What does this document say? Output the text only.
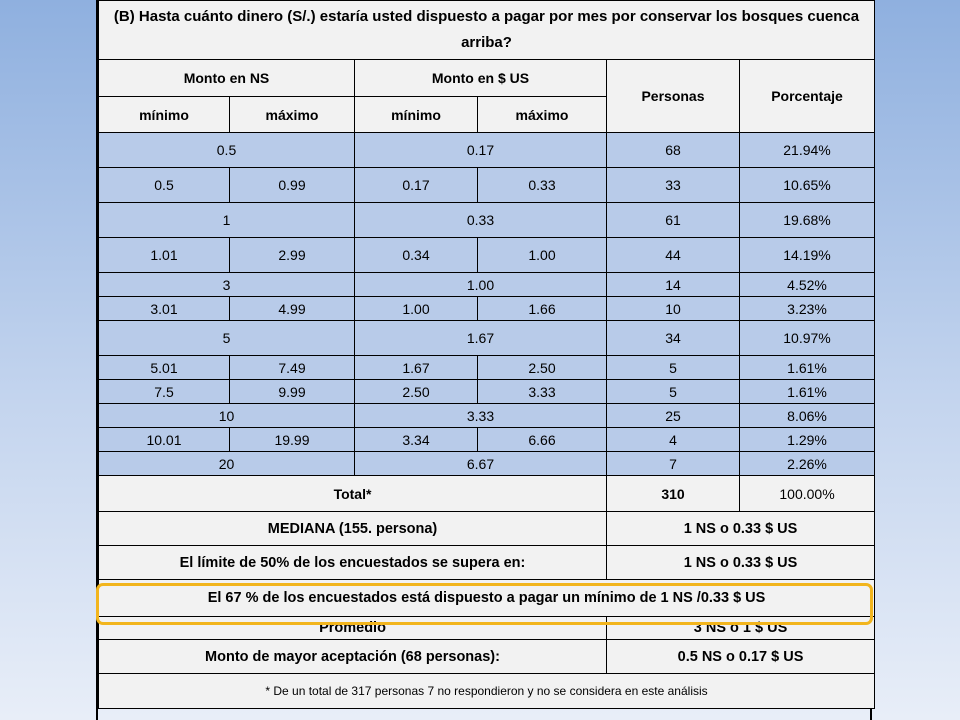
(B) Hasta cuánto dinero (S/.) estaría usted dispuesto a pagar por mes por conservar los bosques cuenca arriba?					
Monto en NS		Monto en $ US		Personas	Porcentaje
mínimo	máximo	mínimo	máximo		
0.5		0.17		68	21.94%
0.5	0.99	0.17	0.33	33	10.65%
1		0.33		61	19.68%
1.01	2.99	0.34	1.00	44	14.19%
3		1.00		14	4.52%
3.01	4.99	1.00	1.66	10	3.23%
5		1.67		34	10.97%
5.01	7.49	1.67	2.50	5	1.61%
7.5	9.99	2.50	3.33	5	1.61%
10		3.33		25	8.06%
10.01	19.99	3.34	6.66	4	1.29%
20		6.67		7	2.26%
Total*				310	100.00%
MEDIANA (155. persona)				1 NS o 0.33 $ US	
El límite de 50% de los encuestados se supera en:				1 NS o 0.33 $ US	
El 67 % de los encuestados está dispuesto a pagar un mínimo de 1 NS /0.33 $ US					
Promedio				3 NS o 1 $ US	
Monto de mayor aceptación (68 personas):				0.5 NS o 0.17 $ US	
* De un total de 317 personas 7 no respondieron y no se considera en este análisis					
